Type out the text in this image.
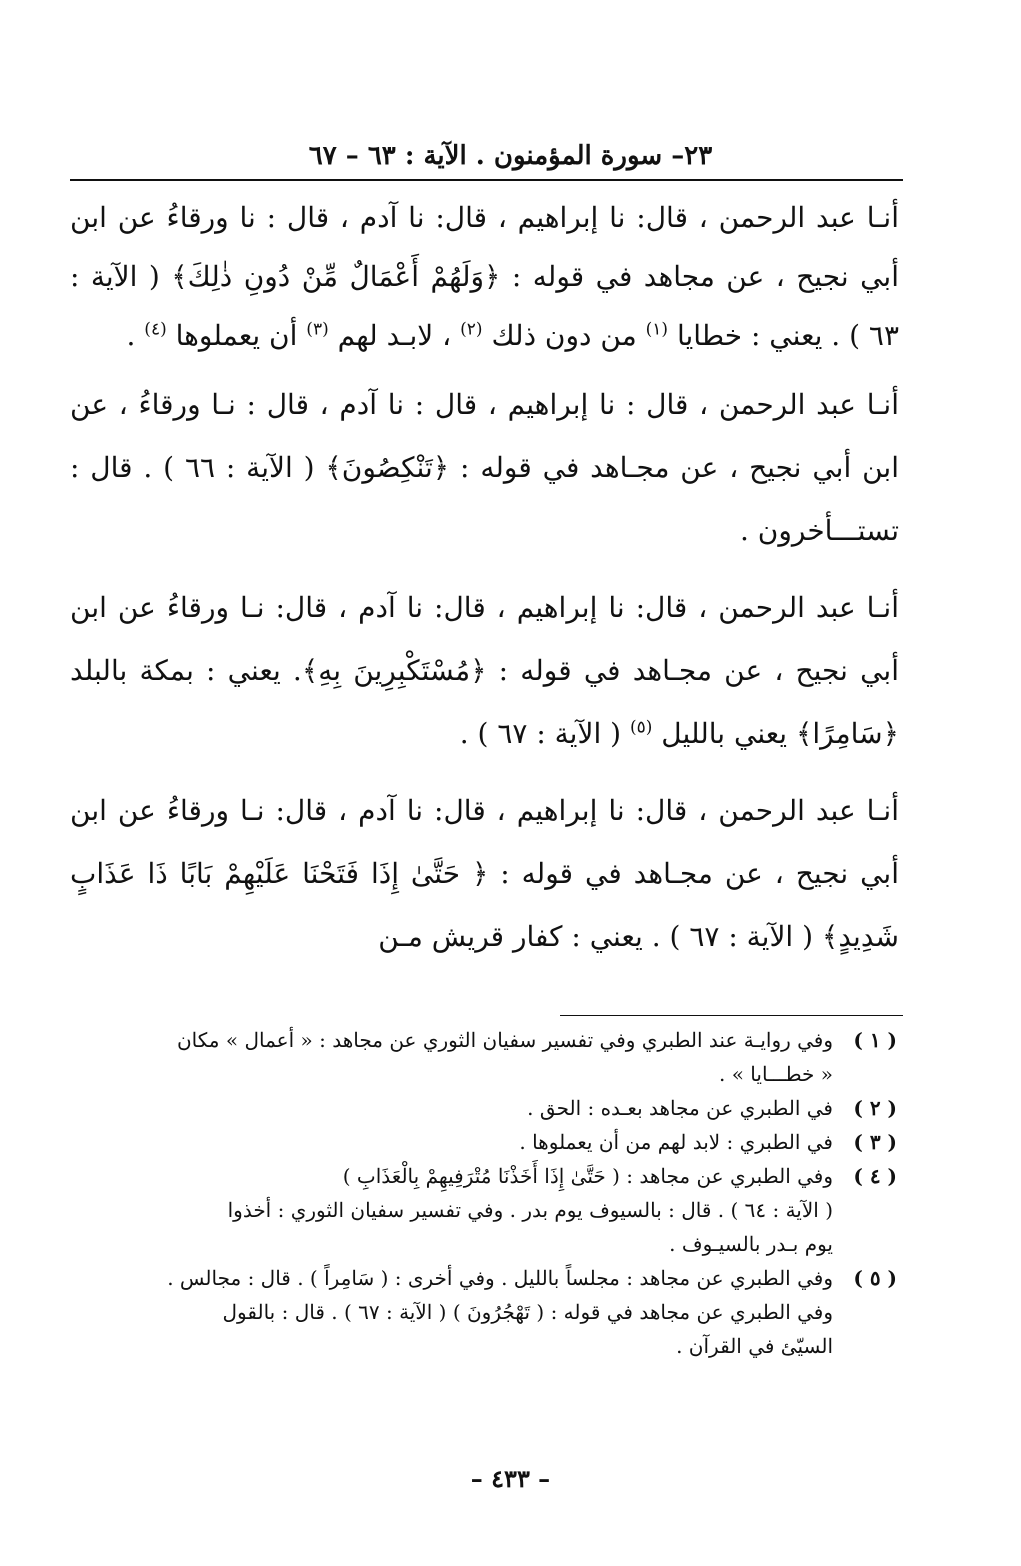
٢٣– سورة المؤمنون . الآية : ٦٣ – ٦٧

أنـا عبد الرحمن ، قال: نا إبراهيم ، قال: نا آدم ، قال : نا ورقاءُ عن ابن أبي نجيح ، عن مجاهد في قوله : ﴿وَلَهُمْ أَعْمَالٌ مِّنْ دُونِ ذٰلِكَ﴾ ( الآية : ٦٣ ) . يعني : خطايا $^{(١)}$ من دون ذلك $^{(٢)}$ ، لابـد لهم $^{(٣)}$ أن يعملوها $^{(٤)}$ .

أنـا عبد الرحمن ، قال : نا إبراهيم ، قال : نا آدم ، قال : نـا ورقاءُ ، عن ابن أبي نجيح ، عن مجـاهد في قوله : ﴿تَنْكِصُونَ﴾ ( الآية : ٦٦ ) . قال : تستـــأخرون .

أنـا عبد الرحمن ، قال: نا إبراهيم ، قال: نا آدم ، قال: نـا ورقاءُ عن ابن أبي نجيح ، عن مجـاهد في قوله : ﴿مُسْتَكْبِرِينَ بِهِ﴾. يعني : بمكة بالبلد ﴿سَامِرًا﴾ يعني بالليل $^{(٥)}$ ( الآية : ٦٧ ) .

أنـا عبد الرحمن ، قال: نا إبراهيم ، قال: نا آدم ، قال: نـا ورقاءُ عن ابن أبي نجيح ، عن مجـاهد في قوله : ﴿ حَتَّىٰ إِذَا فَتَحْنَا عَلَيْهِمْ بَابًا ذَا عَذَابٍ شَدِيدٍ﴾ ( الآية : ٦٧ ) . يعني : كفار قريش مـن

( ١ )
وفي روايـة عند الطبري وفي تفسير سفيان الثوري عن مجاهد : « أعمال » مكان
« خطـــايا » .
( ٢ )
في الطبري عن مجاهد بعـده : الحق .
( ٣ )
في الطبري : لابد لهم من أن يعملوها .
( ٤ )
وفي الطبري عن مجاهد : ( حَتَّىٰ إِذَا أَخَذْنَا مُتْرَفِيهِمْ بِالْعَذَابِ )
( الآية : ٦٤ ) . قال : بالسيوف يوم بدر . وفي تفسير سفيان الثوري : أخذوا
يوم بـدر بالسيـوف .
( ٥ )
وفي الطبري عن مجاهد : مجلساً بالليل . وفي أخرى : ( سَامِراً ) . قال : مجالس .
وفي الطبري عن مجاهد في قوله : ( تَهْجُرُونَ ) ( الآية : ٦٧ ) . قال : بالقول
السيّئ في القرآن .
– ٤٣٣ –
